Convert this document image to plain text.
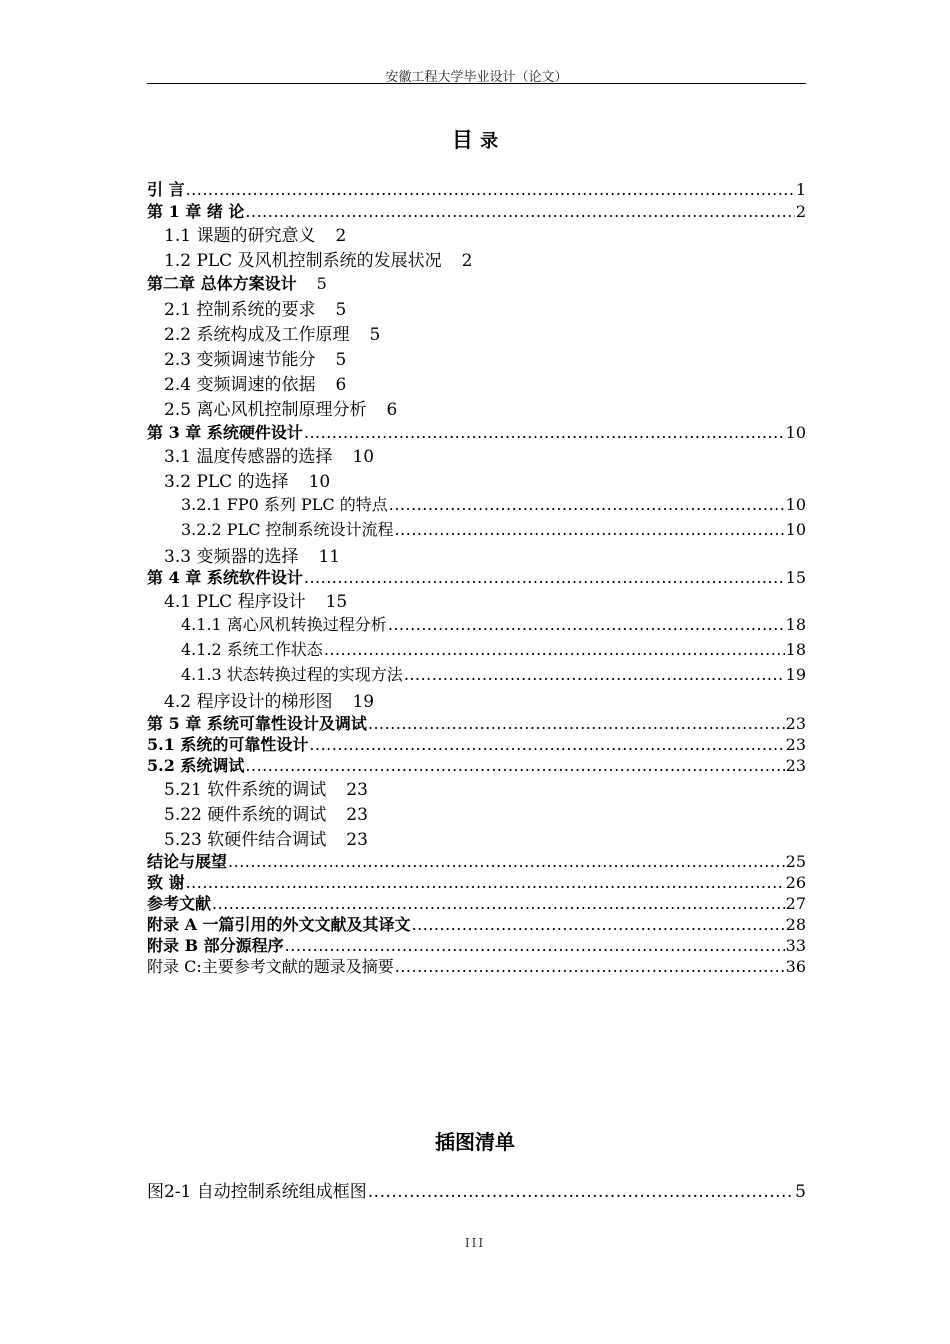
安徽工程大学毕业设计（论文）
目 录
引 言 .....	1
第 1 章 绪 论 .....	2
1.1 课题的研究意义 2
1.2 PLC 及风机控制系统的发展状况 2
第二章 总体方案设计 5
2.1 控制系统的要求 5
2.2 系统构成及工作原理 5
2.3 变频调速节能分 5
2.4 变频调速的依据 6
2.5 离心风机控制原理分析 6
第 3 章 系统硬件设计 .....	10
3.1 温度传感器的选择 10
3.2 PLC 的选择 10
3.2.1 FP0 系列 PLC 的特点 .....	10
3.2.2 PLC 控制系统设计流程 .....	10
3.3 变频器的选择 11
第 4 章 系统软件设计 .....	15
4.1 PLC 程序设计 15
4.1.1 离心风机转换过程分析 .....	18
4.1.2 系统工作状态 .....	18
4.1.3 状态转换过程的实现方法 .....	19
4.2 程序设计的梯形图 19
第 5 章 系统可靠性设计及调试 .....	23
5.1 系统的可靠性设计 .....	23
5.2 系统调试 .....	23
5.21 软件系统的调试 23
5.22 硬件系统的调试 23
5.23 软硬件结合调试 23
结论与展望 .....	25
致 谢 .....	26
参考文献 .....	27
附录 A 一篇引用的外文文献及其译文 .....	28
附录 B 部分源程序 .....	33
附录 C:主要参考文献的题录及摘要 .....	36
插图清单
图2-1 自动控制系统组成框图 .....	5
III
